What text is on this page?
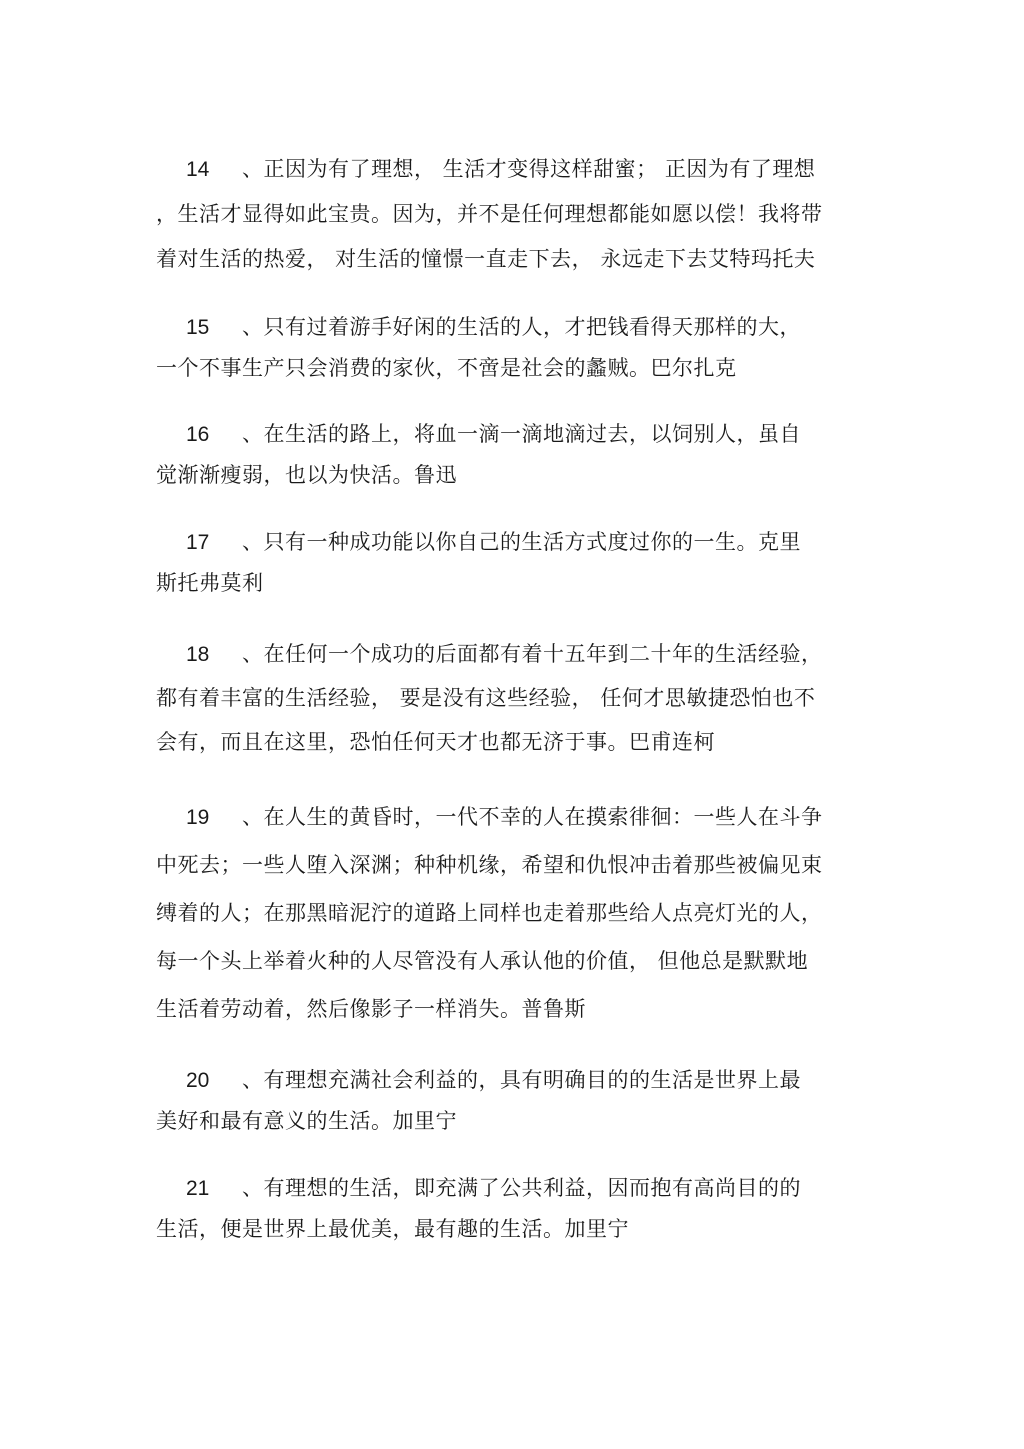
14 、正因为有了理想， 生活才变得这样甜蜜； 正因为有了理想
，生活才显得如此宝贵。因为，并不是任何理想都能如愿以偿！我将带
着对生活的热爱， 对生活的憧憬一直走下去， 永远走下去艾特玛托夫
15 、只有过着游手好闲的生活的人，才把钱看得天那样的大，
一个不事生产只会消费的家伙，不啻是社会的蠡贼。巴尔扎克
16 、在生活的路上，将血一滴一滴地滴过去，以饲别人，虽自
觉渐渐瘦弱，也以为快活。鲁迅
17 、只有一种成功能以你自己的生活方式度过你的一生。克里
斯托弗莫利
18 、在任何一个成功的后面都有着十五年到二十年的生活经验，
都有着丰富的生活经验， 要是没有这些经验， 任何才思敏捷恐怕也不
会有，而且在这里，恐怕任何天才也都无济于事。巴甫连柯
19 、在人生的黄昏时，一代不幸的人在摸索徘徊：一些人在斗争
中死去；一些人堕入深渊；种种机缘，希望和仇恨冲击着那些被偏见束
缚着的人；在那黑暗泥泞的道路上同样也走着那些给人点亮灯光的人，
每一个头上举着火种的人尽管没有人承认他的价值， 但他总是默默地
生活着劳动着，然后像影子一样消失。普鲁斯
20 、有理想充满社会利益的，具有明确目的的生活是世界上最
美好和最有意义的生活。加里宁
21 、有理想的生活，即充满了公共利益，因而抱有高尚目的的
生活，便是世界上最优美，最有趣的生活。加里宁
